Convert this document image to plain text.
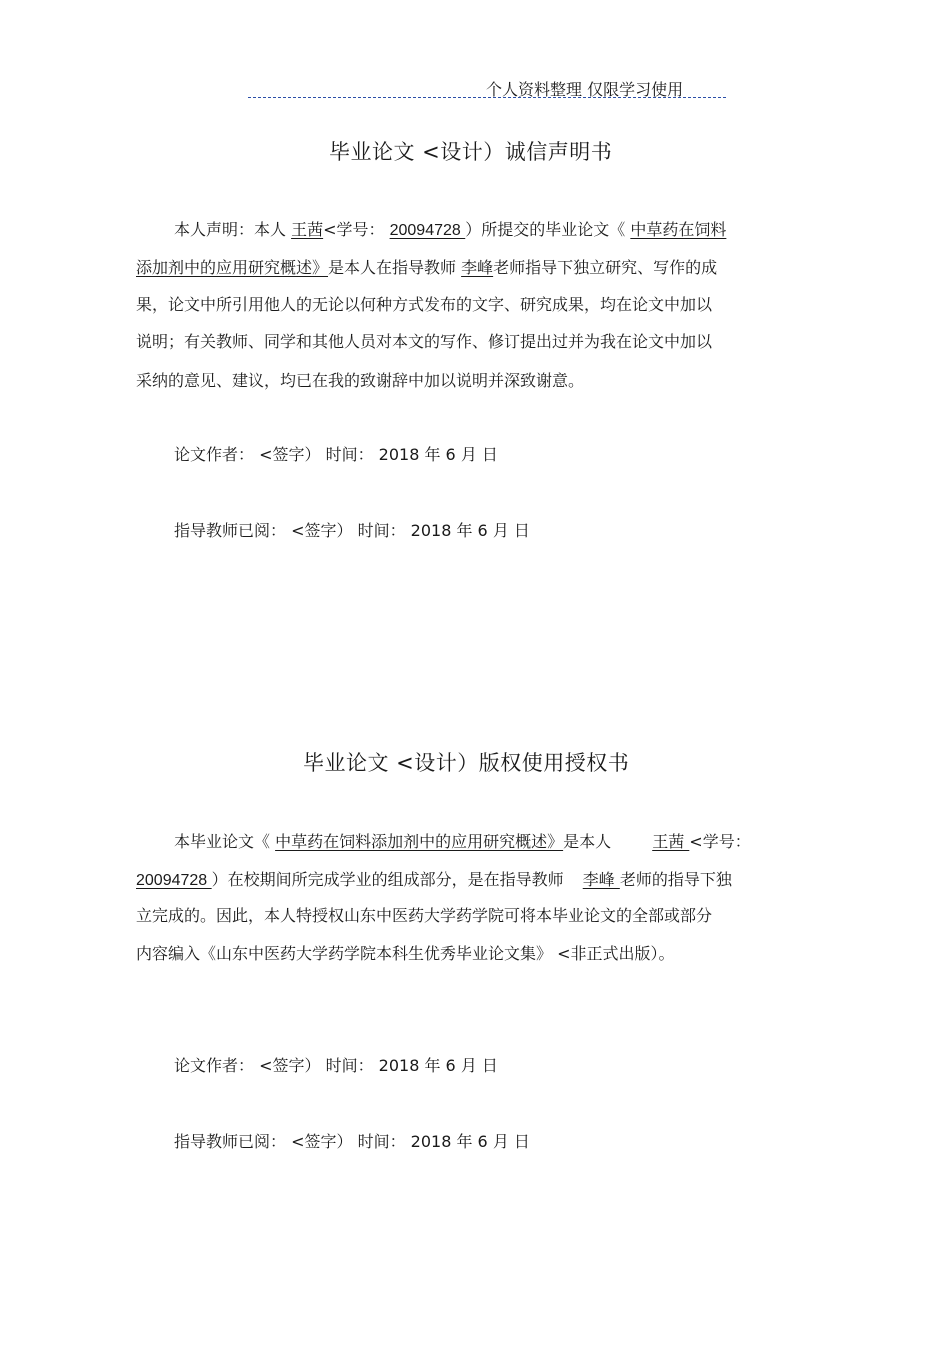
个人资料整理 仅限学习使用
毕业论文 <设计）诚信声明书
本人声明：本人 王茜<学号： 20094728 ）所提交的毕业论文《 中草药在饲料
添加剂中的应用研究概述》是本人在指导教师 李峰老师指导下独立研究、写作的成
果，论文中所引用他人的无论以何种方式发布的文字、研究成果，均在论文中加以
说明；有关教师、同学和其他人员对本文的写作、修订提出过并为我在论文中加以
采纳的意见、建议，均已在我的致谢辞中加以说明并深致谢意。
论文作者： <签字） 时间： 2018 年 6 月 日
指导教师已阅： <签字） 时间： 2018 年 6 月 日
毕业论文 <设计）版权使用授权书
本毕业论文《 中草药在饲料添加剂中的应用研究概述》是本人 王茜 <学号：
20094728 ）在校期间所完成学业的组成部分，是在指导教师 李峰 老师的指导下独
立完成的。因此，本人特授权山东中医药大学药学院可将本毕业论文的全部或部分
内容编入《山东中医药大学药学院本科生优秀毕业论文集》 <非正式出版）。
论文作者： <签字） 时间： 2018 年 6 月 日
指导教师已阅： <签字） 时间： 2018 年 6 月 日
